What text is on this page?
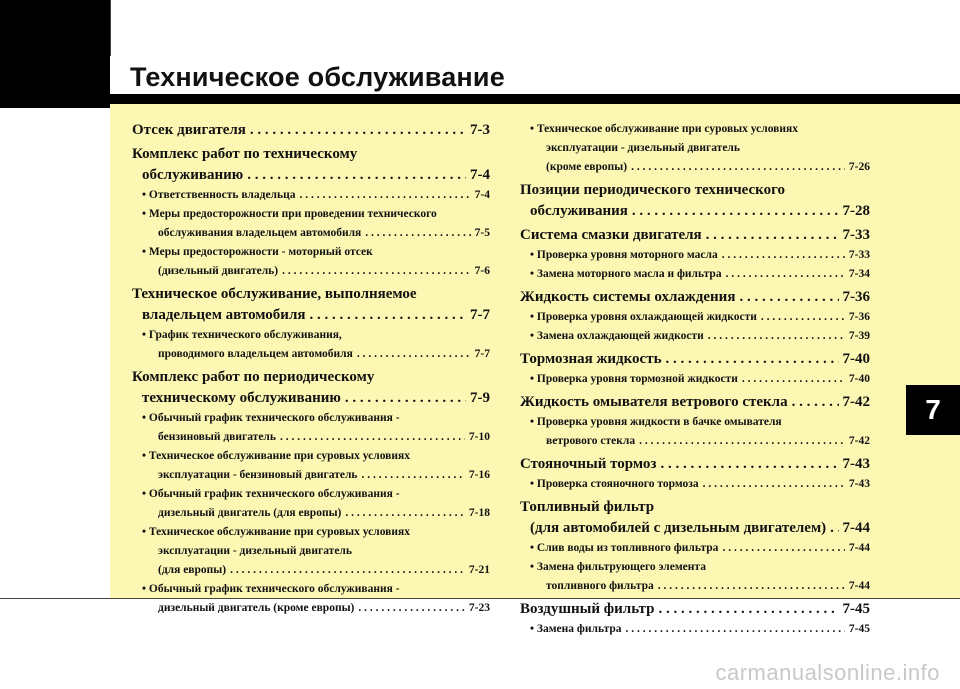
Техническое обслуживание
Отсек двигателя . . .	7-3
Комплекс работ по техническому
обслуживанию . . .	7-4
• Ответственность владельца . . .	7-4
• Меры предосторожности при проведении технического
обслуживания владельцем автомобиля . . .	7-5
• Меры предосторожности - моторный отсек
(дизельный двигатель) . . .	7-6
Техническое обслуживание, выполняемое
владельцем автомобиля . . .	7-7
• График технического обслуживания,
проводимого владельцем автомобиля . . .	7-7
Комплекс работ по периодическому
техническому обслуживанию . . .	7-9
• Обычный график технического обслуживания -
бензиновый двигатель . . .	7-10
• Техническое обслуживание при суровых условиях
эксплуатации - бензиновый двигатель . . .	7-16
• Обычный график технического обслуживания -
дизельный двигатель (для европы) . . .	7-18
• Техническое обслуживание при суровых условиях
эксплуатации - дизельный двигатель
(для европы) . . .	7-21
• Обычный график технического обслуживания -
дизельный двигатель (кроме европы) . . .	7-23
• Техническое обслуживание при суровых условиях
эксплуатации - дизельный двигатель
(кроме европы) . . .	7-26
Позиции периодического технического
обслуживания . . .	7-28
Система смазки двигателя . . .	7-33
• Проверка уровня моторного масла . . .	7-33
• Замена моторного масла и фильтра . . .	7-34
Жидкость системы охлаждения . . .	7-36
• Проверка уровня охлаждающей жидкости . . .	7-36
• Замена охлаждающей жидкости . . .	7-39
Тормозная жидкость . . .	7-40
• Проверка уровня тормозной жидкости . . .	7-40
Жидкость омывателя ветрового стекла . . .	7-42
• Проверка уровня жидкости в бачке омывателя
ветрового стекла . . .	7-42
Стояночный тормоз . . .	7-43
• Проверка стояночного тормоза . . .	7-43
Топливный фильтр
(для автомобилей с дизельным двигателем) . . . 7-44
• Слив воды из топливного фильтра . . .	7-44
• Замена фильтрующего элемента
топливного фильтра . . .	7-44
Воздушный фильтр . . .	7-45
• Замена фильтра . . .	7-45
7
carmanualsonline.info
